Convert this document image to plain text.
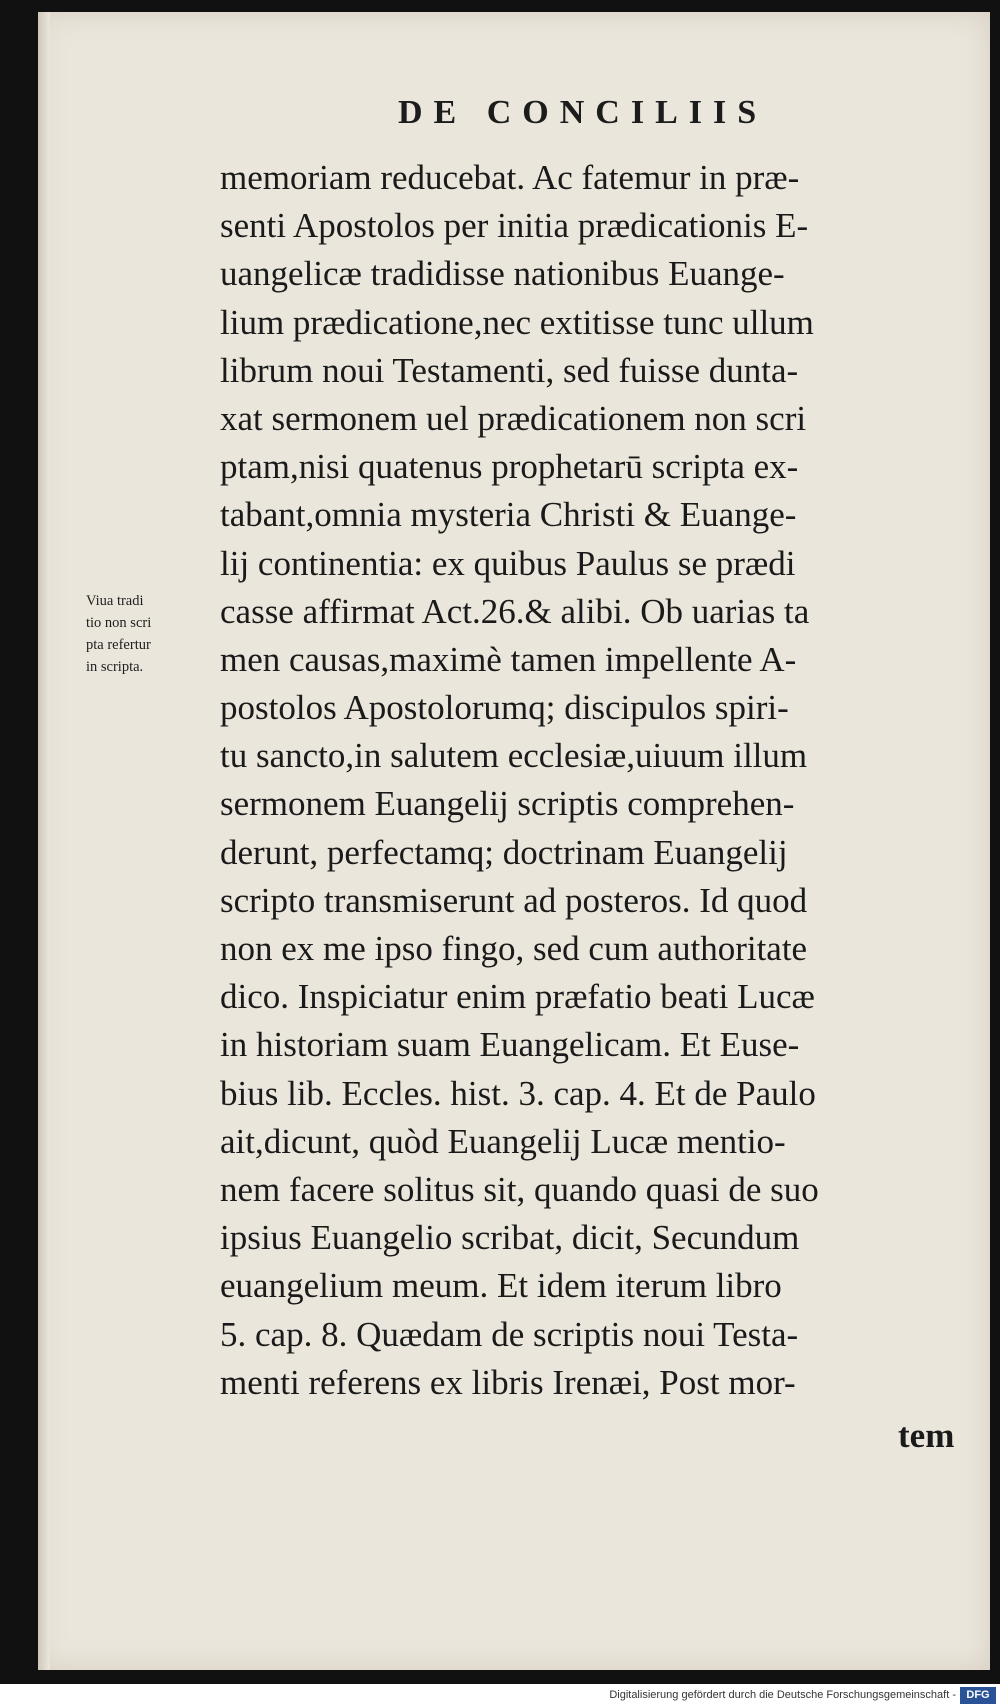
DE CONCILIIS
memoriam reducebat. Ac fatemur in præ-
senti Apostolos per initia prædicationis E-
uangelicæ tradidisse nationibus Euange-
lium prædicatione,nec extitisse tunc ullum
librum noui Testamenti, sed fuisse dunta-
xat sermonem uel prædicationem non scri
ptam,nisi quatenus prophetarū scripta ex-
tabant,omnia mysteria Christi & Euange-
lij continentia: ex quibus Paulus se prædi
casse affirmat Act.26.& alibi. Ob uarias ta
men causas,maximè tamen impellente A-
postolos Apostolorumq; discipulos spiri-
tu sancto,in salutem ecclesiæ,uiuum illum
sermonem Euangelij scriptis comprehen-
derunt, perfectamq; doctrinam Euangelij
scripto transmiserunt ad posteros. Id quod
non ex me ipso fingo, sed cum authoritate
dico. Inspiciatur enim præfatio beati Lucæ
in historiam suam Euangelicam. Et Euse-
bius lib. Eccles. hist. 3. cap. 4. Et de Paulo
ait,dicunt, quòd Euangelij Lucæ mentio-
nem facere solitus sit, quando quasi de suo
ipsius Euangelio scribat, dicit, Secundum
euangelium meum. Et idem iterum libro
5. cap. 8. Quædam de scriptis noui Testa-
menti referens ex libris Irenæi, Post mor-
Viua tradi
tio non scri
pta refertur
in scripta.
tem
Digitalisierung gefördert durch die Deutsche Forschungsgemeinschaft - DFG
